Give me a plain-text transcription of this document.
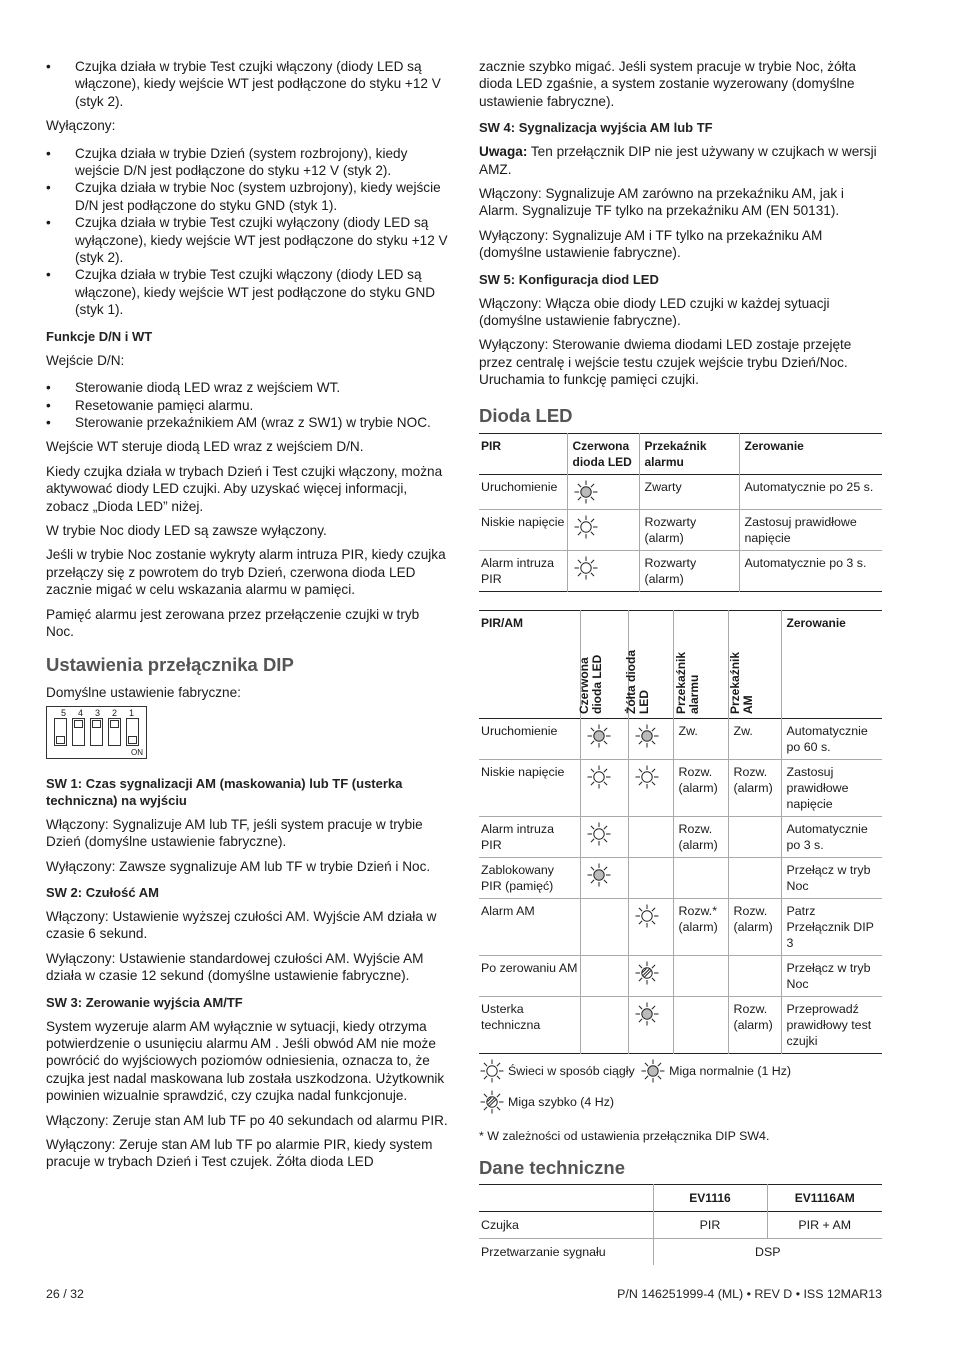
• Czujka działa w trybie Test czujki włączony (diody LED są włączone), kiedy wejście WT jest podłączone do styku +12 V (styk 2).

Wyłączony:

• Czujka działa w trybie Dzień (system rozbrojony), kiedy wejście D/N jest podłączone do styku +12 V (styk 2).
• Czujka działa w trybie Noc (system uzbrojony), kiedy wejście D/N jest podłączone do styku GND (styk 1).
• Czujka działa w trybie Test czujki wyłączony (diody LED są wyłączone), kiedy wejście WT jest podłączone do styku +12 V (styk 2).
• Czujka działa w trybie Test czujki włączony (diody LED są włączone), kiedy wejście WT jest podłączone do styku GND (styk 1).
Funkcje D/N i WT

Wejście D/N:

• Sterowanie diodą LED wraz z wejściem WT.
• Resetowanie pamięci alarmu.
• Sterowanie przekaźnikiem AM (wraz z SW1) w trybie NOC.

Wejście WT steruje diodą LED wraz z wejściem D/N.

Kiedy czujka działa w trybach Dzień i Test czujki włączony, można aktywować diody LED czujki. Aby uzyskać więcej informacji, zobacz „Dioda LED” niżej.

W trybie Noc diody LED są zawsze wyłączony.

Jeśli w trybie Noc zostanie wykryty alarm intruza PIR, kiedy czujka przełączy się z powrotem do tryb Dzień, czerwona dioda LED zacznie migać w celu wskazania alarmu w pamięci.

Pamięć alarmu jest zerowana przez przełączenie czujki w tryb Noc.

Ustawienia przełącznika DIP

Domyślne ustawienie fabryczne:

5 4 3 2 1
ON
SW 1: Czas sygnalizacji AM (maskowania) lub TF (usterka techniczna) na wyjściu

Włączony: Sygnalizuje AM lub TF, jeśli system pracuje w trybie Dzień (domyślne ustawienie fabryczne).

Wyłączony: Zawsze sygnalizuje AM lub TF w trybie Dzień i Noc.

SW 2: Czułość AM

Włączony: Ustawienie wyższej czułości AM. Wyjście AM działa w czasie 6 sekund.

Wyłączony: Ustawienie standardowej czułości AM. Wyjście AM działa w czasie 12 sekund (domyślne ustawienie fabryczne).

SW 3: Zerowanie wyjścia AM/TF

System wyzeruje alarm AM wyłącznie w sytuacji, kiedy otrzyma potwierdzenie o usunięciu alarmu AM . Jeśli obwód AM nie może powrócić do wyjściowych poziomów odniesienia, oznacza to, że czujka jest nadal maskowana lub została uszkodzona. Użytkownik powinien wizualnie sprawdzić, czy czujka nadal funkcjonuje.

Włączony: Zeruje stan AM lub TF po 40 sekundach od alarmu PIR.

Wyłączony: Zeruje stan AM lub TF po alarmie PIR, kiedy system pracuje w trybach Dzień i Test czujek. Żółta dioda LED

zacznie szybko migać. Jeśli system pracuje w trybie Noc, żółta dioda LED zgaśnie, a system zostanie wyzerowany (domyślne ustawienie fabryczne).

SW 4: Sygnalizacja wyjścia AM lub TF

Uwaga: Ten przełącznik DIP nie jest używany w czujkach w wersji AMZ.

Włączony: Sygnalizuje AM zarówno na przekaźniku AM, jak i Alarm. Sygnalizuje TF tylko na przekaźniku AM (EN 50131).

Wyłączony: Sygnalizuje AM i TF tylko na przekaźniku AM (domyślne ustawienie fabryczne).

SW 5: Konfiguracja diod LED

Włączony: Włącza obie diody LED czujki w każdej sytuacji (domyślne ustawienie fabryczne).

Wyłączony: Sterowanie dwiema diodami LED zostaje przejęte przez centralę i wejście testu czujek wejście trybu Dzień/Noc. Uruchamia to funkcję pamięci czujki.

Dioda LED
PIR	Czerwona dioda LED	Przekaźnik alarmu	Zerowanie
Uruchomienie		Zwarty	Automatycznie po 25 s.
Niskie napięcie		Rozwarty (alarm)	Zastosuj prawidłowe napięcie
Alarm intruza PIR		Rozwarty (alarm)	Automatycznie po 3 s.
PIR/AM	Czerwona dioda LED	Żółta dioda LED	Przekaźnik alarmu	Przekaźnik AM	Zerowanie
Uruchomienie			Zw.	Zw.	Automatycznie po 60 s.
Niskie napięcie			Rozw. (alarm)	Rozw. (alarm)	Zastosuj prawidłowe napięcie
Alarm intruza PIR			Rozw. (alarm)		Automatycznie po 3 s.
Zablokowany PIR (pamięć)					Przełącz w tryb Noc
Alarm AM			Rozw.* (alarm)	Rozw. (alarm)	Patrz Przełącznik DIP 3
Po zerowaniu AM					Przełącz w tryb Noc
Usterka techniczna				Rozw. (alarm)	Przeprowadź prawidłowy test czujki
Świeci w sposób ciągły
	Miga normalnie (1 Hz)

Miga szybko (4 Hz)

* W zależności od ustawienia przełącznika DIP SW4.

Dane techniczne
	EV1116	EV1116AM
Czujka	PIR	PIR + AM
Przetwarzanie sygnału	DSP	
26 / 32	P/N 146251999-4 (ML) • REV D • ISS 12MAR13
